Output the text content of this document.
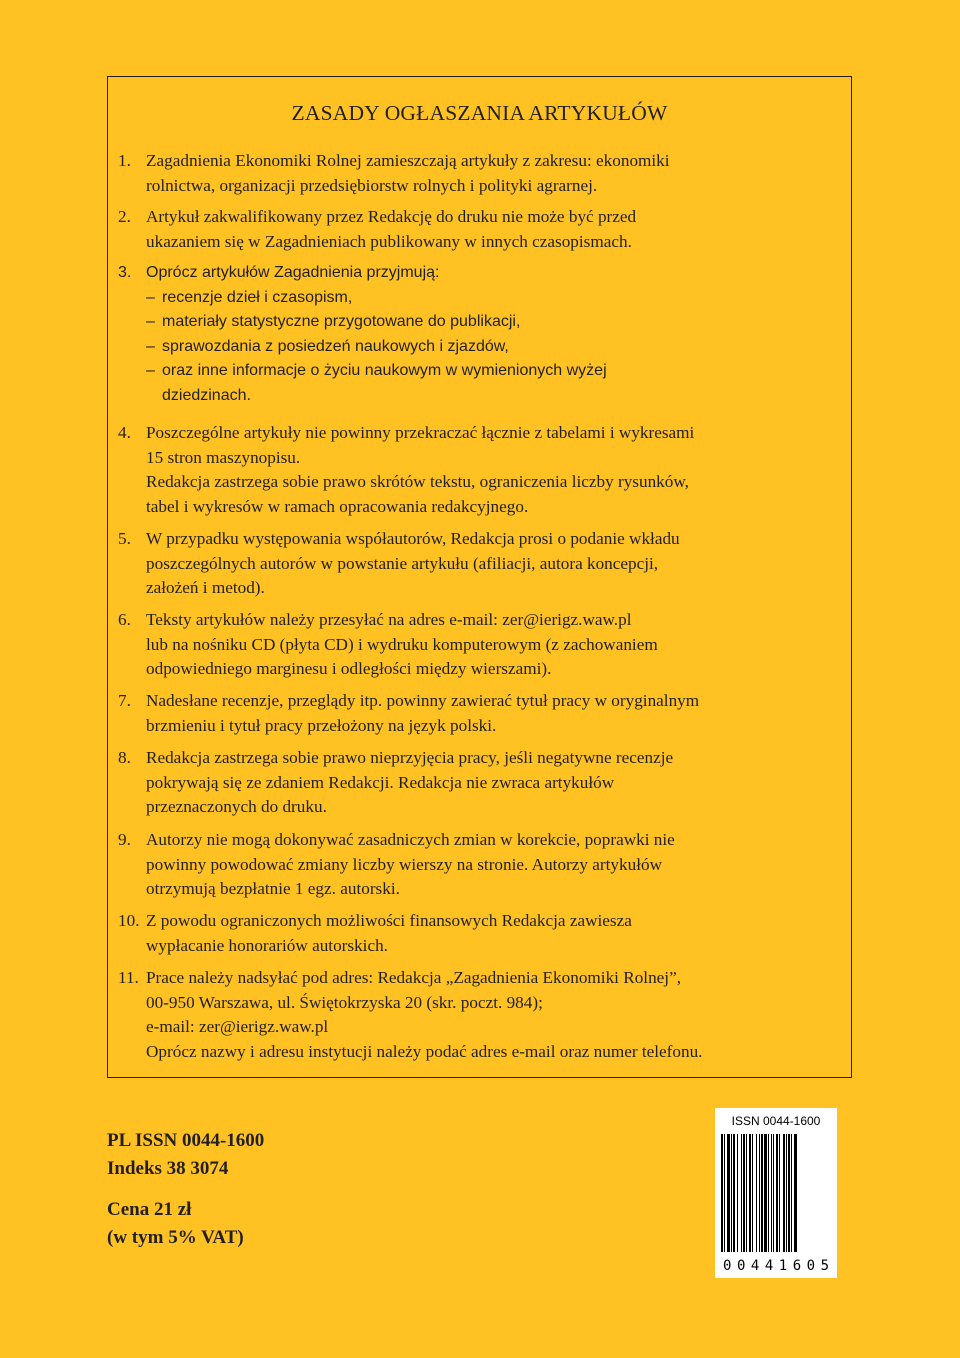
ZASADY OGŁASZANIA ARTYKUŁÓW
1. Zagadnienia Ekonomiki Rolnej zamieszczają artykuły z zakresu: ekonomiki
rolnictwa, organizacji przedsiębiorstw rolnych i polityki agrarnej.
2. Artykuł zakwalifikowany przez Redakcję do druku nie może być przed
ukazaniem się w Zagadnieniach publikowany w innych czasopismach.
3. Oprócz artykułów Zagadnienia przyjmują:
– recenzje dzieł i czasopism,
– materiały statystyczne przygotowane do publikacji,
– sprawozdania z posiedzeń naukowych i zjazdów,
– oraz inne informacje o życiu naukowym w wymienionych wyżej
dziedzinach.
4. Poszczególne artykuły nie powinny przekraczać łącznie z tabelami i wykresami
15 stron maszynopisu.
Redakcja zastrzega sobie prawo skrótów tekstu, ograniczenia liczby rysunków,
tabel i wykresów w ramach opracowania redakcyjnego.
5. W przypadku występowania współautorów, Redakcja prosi o podanie wkładu
poszczególnych autorów w powstanie artykułu (afiliacji, autora koncepcji,
założeń i metod).
6. Teksty artykułów należy przesyłać na adres e-mail: zer@ierigz.waw.pl
lub na nośniku CD (płyta CD) i wydruku komputerowym (z zachowaniem
odpowiedniego marginesu i odległości między wierszami).
7. Nadesłane recenzje, przeglądy itp. powinny zawierać tytuł pracy w oryginalnym
brzmieniu i tytuł pracy przełożony na język polski.
8. Redakcja zastrzega sobie prawo nieprzyjęcia pracy, jeśli negatywne recenzje
pokrywają się ze zdaniem Redakcji. Redakcja nie zwraca artykułów
przeznaczonych do druku.
9. Autorzy nie mogą dokonywać zasadniczych zmian w korekcie, poprawki nie
powinny powodować zmiany liczby wierszy na stronie. Autorzy artykułów
otrzymują bezpłatnie 1 egz. autorski.
10. Z powodu ograniczonych możliwości finansowych Redakcja zawiesza
wypłacanie honorariów autorskich.
11. Prace należy nadsyłać pod adres: Redakcja „Zagadnienia Ekonomiki Rolnej”,
00-950 Warszawa, ul. Świętokrzyska 20 (skr. poczt. 984);
e-mail: zer@ierigz.waw.pl
Oprócz nazwy i adresu instytucji należy podać adres e-mail oraz numer telefonu.
PL ISSN 0044-1600
Indeks 38 3074
Cena 21 zł
(w tym 5% VAT)
ISSN 0044-1600
0 0 4 4 1 6 0 5
